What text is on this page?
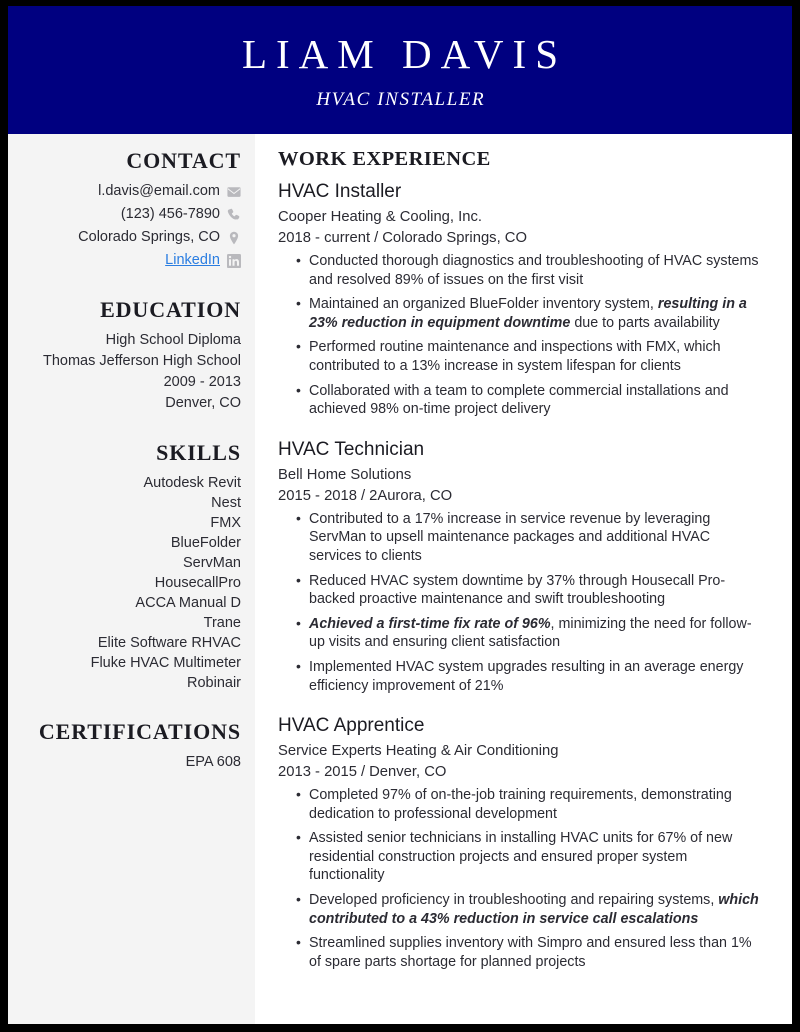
LIAM DAVIS
HVAC INSTALLER
CONTACT
l.davis@email.com
(123) 456-7890
Colorado Springs, CO
LinkedIn
EDUCATION
High School Diploma
Thomas Jefferson High School
2009 - 2013
Denver, CO
SKILLS
Autodesk Revit
Nest
FMX
BlueFolder
ServMan
HousecallPro
ACCA Manual D
Trane
Elite Software RHVAC
Fluke HVAC Multimeter
Robinair
CERTIFICATIONS
EPA 608
WORK EXPERIENCE
HVAC Installer
Cooper Heating & Cooling, Inc.
2018 - current / Colorado Springs, CO
• Conducted thorough diagnostics and troubleshooting of HVAC systems and resolved 89% of issues on the first visit
• Maintained an organized BlueFolder inventory system, resulting in a 23% reduction in equipment downtime due to parts availability
• Performed routine maintenance and inspections with FMX, which contributed to a 13% increase in system lifespan for clients
• Collaborated with a team to complete commercial installations and achieved 98% on-time project delivery
HVAC Technician
Bell Home Solutions
2015 - 2018 / 2Aurora, CO
• Contributed to a 17% increase in service revenue by leveraging ServMan to upsell maintenance packages and additional HVAC services to clients
• Reduced HVAC system downtime by 37% through Housecall Pro-backed proactive maintenance and swift troubleshooting
• Achieved a first-time fix rate of 96%, minimizing the need for follow-up visits and ensuring client satisfaction
• Implemented HVAC system upgrades resulting in an average energy efficiency improvement of 21%
HVAC Apprentice
Service Experts Heating & Air Conditioning
2013 - 2015 / Denver, CO
• Completed 97% of on-the-job training requirements, demonstrating dedication to professional development
• Assisted senior technicians in installing HVAC units for 67% of new residential construction projects and ensured proper system functionality
• Developed proficiency in troubleshooting and repairing systems, which contributed to a 43% reduction in service call escalations
• Streamlined supplies inventory with Simpro and ensured less than 1% of spare parts shortage for planned projects
